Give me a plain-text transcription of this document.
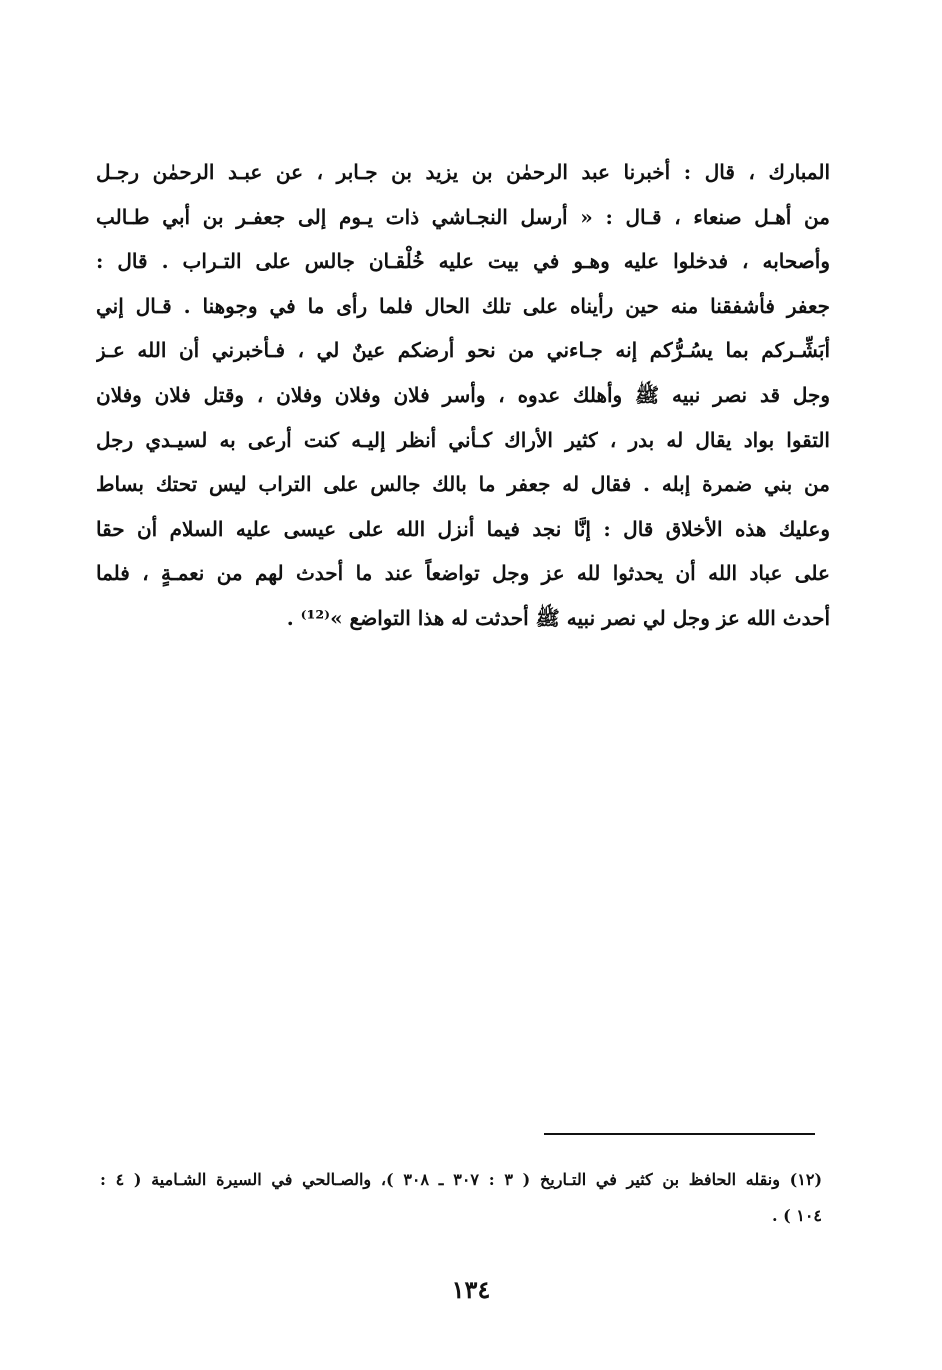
المبارك ، قال : أخبرنا عبد الرحمٰن بن يزيد بن جـابر ، عن عبـد الرحمٰن رجـل
من أهـل صنعاء ، قـال : « أرسل النجـاشي ذات يـوم إلى جعفـر بن أبي طـالب
وأصحابه ، فدخلوا عليه وهـو في بيت عليه خُلْقـان جالس على التـراب . قال :
جعفر فأشفقنا منه حين رأيناه على تلك الحال فلما رأى ما في وجوهنا . قـال إني
أبَشِّـركم بما يسُـرُّكم إنه جـاءني من نحو أرضكم عينٌ لي ، فـأخبرني أن الله عـز
وجل قد نصر نبيه ﷺ وأهلك عدوه ، وأسر فلان وفلان وفلان ، وقتل فلان وفلان
التقوا بواد يقال له بدر ، كثير الأراك كـأني أنظر إليـه كنت أرعى به لسيـدي رجل
من بني ضمرة إبله . فقال له جعفر ما بالك جالس على التراب ليس تحتك بساط
وعليك هذه الأخلاق قال : إنَّا نجد فيما أنزل الله على عيسى عليه السلام أن حقا
على عباد الله أن يحدثوا لله عز وجل تواضعاً عند ما أحدث لهم من نعمـةٍ ، فلما
أحدث الله عز وجل لي نصر نبيه ﷺ أحدثت له هذا التواضع »⁽¹²⁾ .
(١٢) ونقله الحافظ بن كثير في التـاريخ ( ٣ : ٣٠٧ ـ ٣٠٨ )، والصـالحي في السيرة الشـامية ( ٤ :
١٠٤ ) .
١٣٤
